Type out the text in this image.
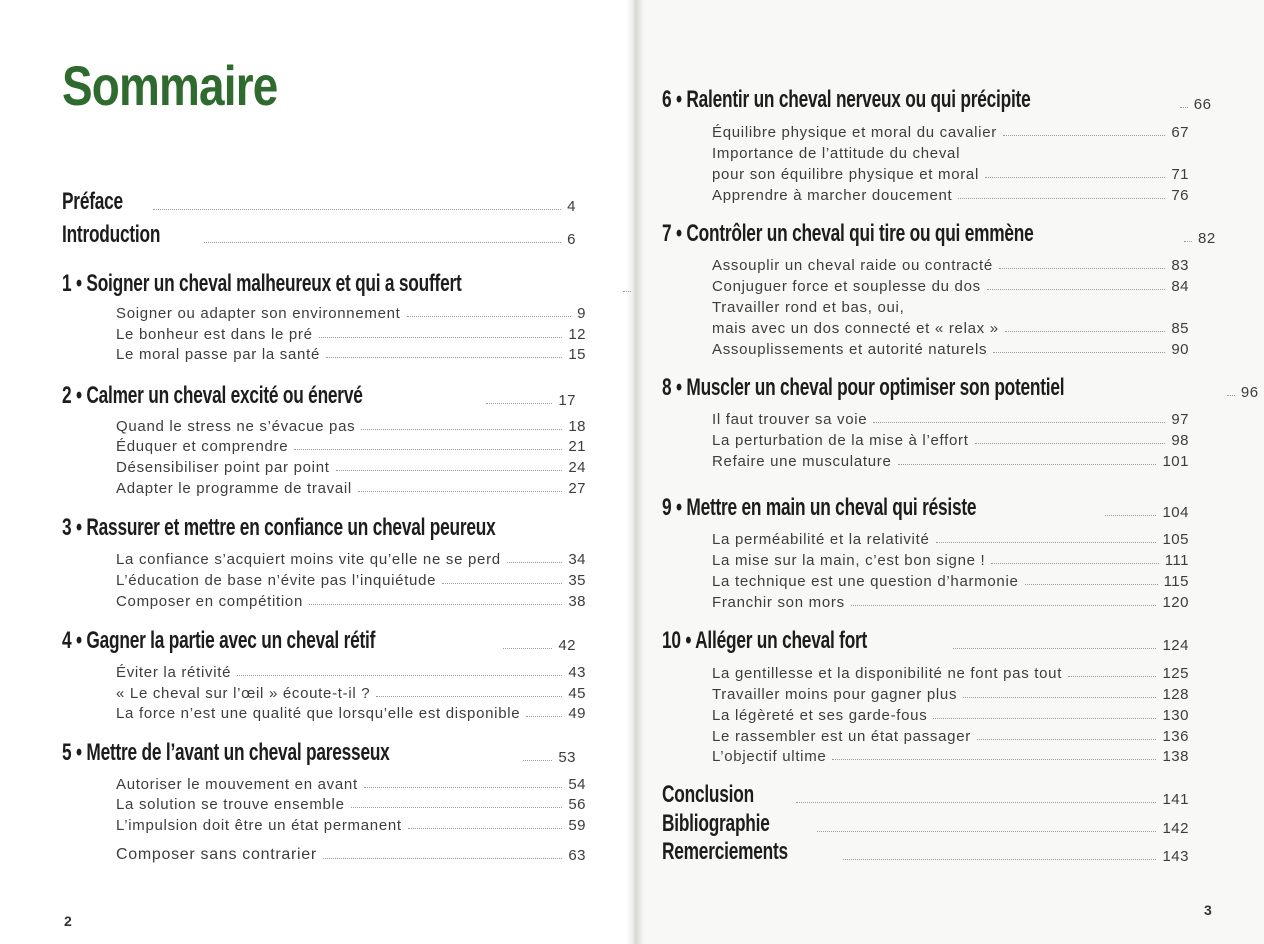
Sommaire
Préface	4
Introduction	6
1 • Soigner un cheval malheureux et qui a souffert
Soigner ou adapter son environnement	9
Le bonheur est dans le pré	12
Le moral passe par la santé	15
2 • Calmer un cheval excité ou énervé	17
Quand le stress ne s’évacue pas	18
Éduquer et comprendre	21
Désensibiliser point par point	24
Adapter le programme de travail	27
3 • Rassurer et mettre en confiance un cheval peureux
La confiance s’acquiert moins vite qu’elle ne se perd	34
L’éducation de base n’évite pas l’inquiétude	35
Composer en compétition	38
4 • Gagner la partie avec un cheval rétif	42
Éviter la rétivité	43
« Le cheval sur l’œil » écoute-t-il ?	45
La force n’est une qualité que lorsqu’elle est disponible	49
5 • Mettre de l’avant un cheval paresseux	53
Autoriser le mouvement en avant	54
La solution se trouve ensemble	56
L’impulsion doit être un état permanent	59
Composer sans contrarier	63
2
6 • Ralentir un cheval nerveux ou qui précipite	66
Équilibre physique et moral du cavalier	67
Importance de l’attitude du cheval
pour son équilibre physique et moral	71
Apprendre à marcher doucement	76
7 • Contrôler un cheval qui tire ou qui emmène	82
Assouplir un cheval raide ou contracté	83
Conjuguer force et souplesse du dos	84
Travailler rond et bas, oui,
mais avec un dos connecté et « relax »	85
Assouplissements et autorité naturels	90
8 • Muscler un cheval pour optimiser son potentiel	96
Il faut trouver sa voie	97
La perturbation de la mise à l’effort	98
Refaire une musculature	101
9 • Mettre en main un cheval qui résiste	104
La perméabilité et la relativité	105
La mise sur la main, c’est bon signe !	111
La technique est une question d’harmonie	115
Franchir son mors	120
10 • Alléger un cheval fort	124
La gentillesse et la disponibilité ne font pas tout	125
Travailler moins pour gagner plus	128
La légèreté et ses garde-fous	130
Le rassembler est un état passager	136
L’objectif ultime	138
Conclusion	141
Bibliographie	142
Remerciements	143
3
